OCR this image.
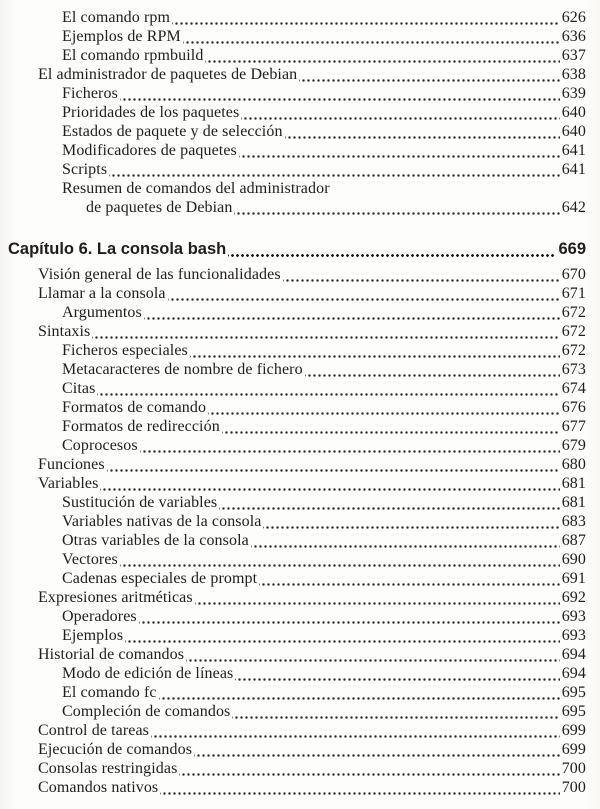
El comando rpm	626
Ejemplos de RPM	636
El comando rpmbuild	637
El administrador de paquetes de Debian	638
Ficheros	639
Prioridades de los paquetes	640
Estados de paquete y de selección	640
Modificadores de paquetes	641
Scripts	641
Resumen de comandos del administrador
de paquetes de Debian	642
Capítulo 6. La consola bash	669
Visión general de las funcionalidades	670
Llamar a la consola	671
Argumentos	672
Sintaxis	672
Ficheros especiales	672
Metacaracteres de nombre de fichero	673
Citas	674
Formatos de comando	676
Formatos de redirección	677
Coprocesos	679
Funciones	680
Variables	681
Sustitución de variables	681
Variables nativas de la consola	683
Otras variables de la consola	687
Vectores	690
Cadenas especiales de prompt	691
Expresiones aritméticas	692
Operadores	693
Ejemplos	693
Historial de comandos	694
Modo de edición de líneas	694
El comando fc	695
Compleción de comandos	695
Control de tareas	699
Ejecución de comandos	699
Consolas restringidas	700
Comandos nativos	700
